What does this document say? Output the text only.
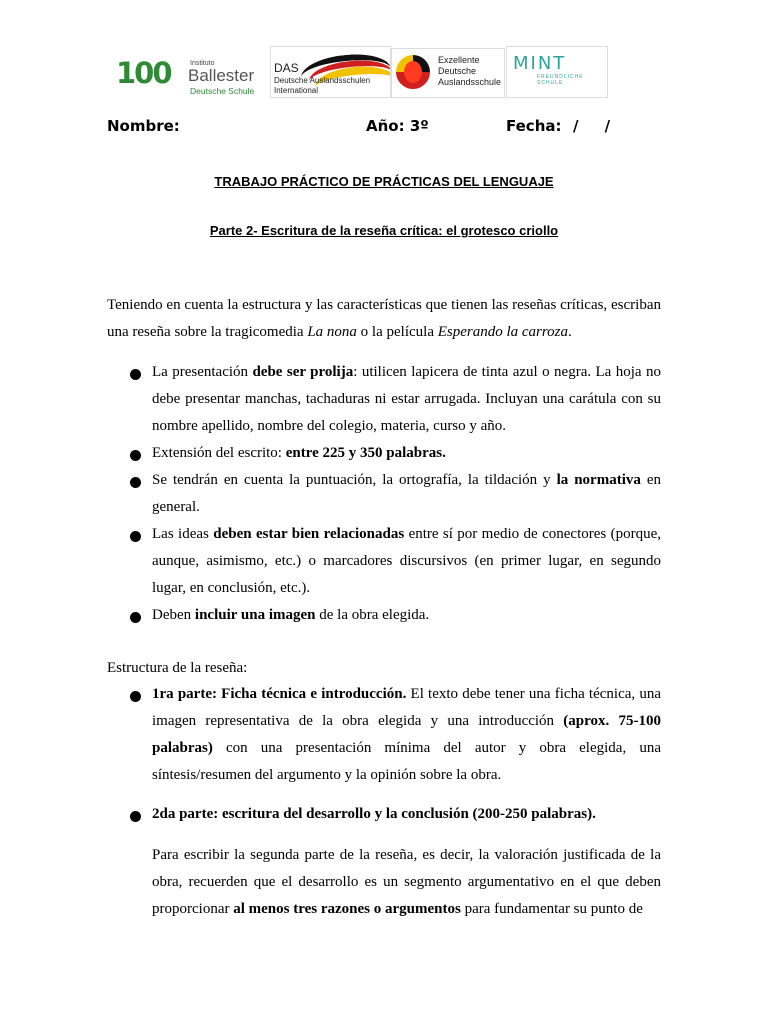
100	Instituto
Ballester
Deutsche Schule
DAS
Deutsche Auslandsschulen
International
Exzellente
Deutsche
Auslandsschule
MINT
FREUNDLICHE SCHULE
Nombre:	Año: 3º	Fecha: /     /
TRABAJO PRÁCTICO DE PRÁCTICAS DEL LENGUAJE
Parte 2- Escritura de la reseña crítica: el grotesco criollo
Teniendo en cuenta la estructura y las características que tienen las reseñas críticas, escriban una reseña sobre la tragicomedia La nona o la película Esperando la carroza.
La presentación debe ser prolija: utilicen lapicera de tinta azul o negra. La hoja no debe presentar manchas, tachaduras ni estar arrugada. Incluyan una carátula con su nombre apellido, nombre del colegio, materia, curso y año.
Extensión del escrito: entre 225 y 350 palabras.
Se tendrán en cuenta la puntuación, la ortografía, la tildación y la normativa en general.
Las ideas deben estar bien relacionadas entre sí por medio de conectores (porque, aunque, asimismo, etc.) o marcadores discursivos (en primer lugar, en segundo lugar, en conclusión, etc.).
Deben incluir una imagen de la obra elegida.
Estructura de la reseña:
1ra parte: Ficha técnica e introducción. El texto debe tener una ficha técnica, una imagen representativa de la obra elegida y una introducción (aprox. 75-100 palabras) con una presentación mínima del autor y obra elegida, una síntesis/resumen del argumento y la opinión sobre la obra.
2da parte: escritura del desarrollo y la conclusión (200-250 palabras).
Para escribir la segunda parte de la reseña, es decir, la valoración justificada de la obra, recuerden que el desarrollo es un segmento argumentativo en el que deben proporcionar al menos tres razones o argumentos para fundamentar su punto de
